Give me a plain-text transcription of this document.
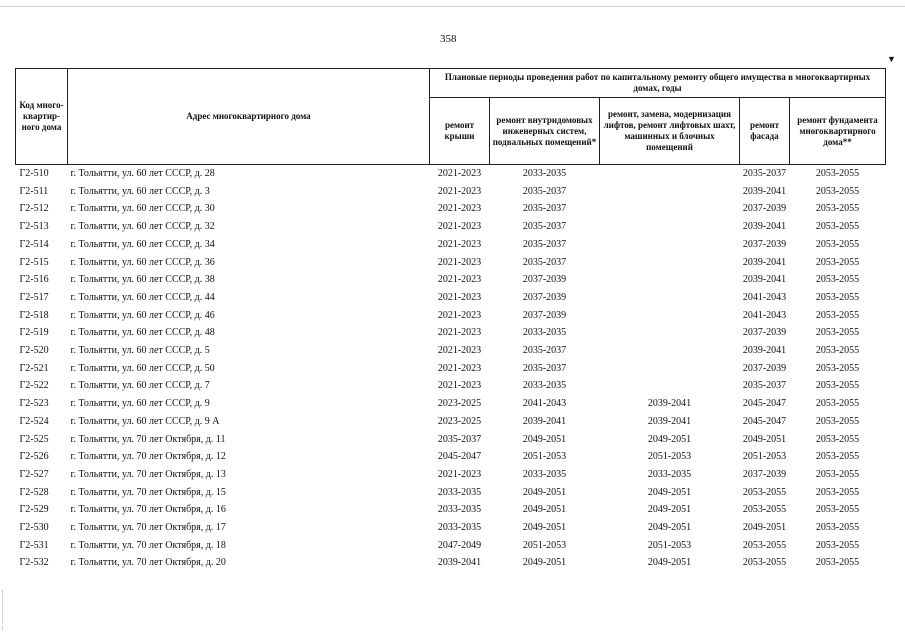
358
▼
Код много-квартир-ного дома	Адрес многоквартирного дома	Плановые периоды проведения работ по капитальному ремонту общего имущества в многоквартирных домах, годы				
		ремонт крыши	ремонт внутридомовых инженерных систем, подвальных помещений*	ремонт, замена, модернизация лифтов, ремонт лифтовых шахт, машинных и блочных помещений	ремонт фасада	ремонт фундамента многоквартирного дома**
Г2-510	г. Тольятти, ул. 60 лет СССР, д. 28	2021-2023	2033-2035		2035-2037	2053-2055
Г2-511	г. Тольятти, ул. 60 лет СССР, д. 3	2021-2023	2035-2037		2039-2041	2053-2055
Г2-512	г. Тольятти, ул. 60 лет СССР, д. 30	2021-2023	2035-2037		2037-2039	2053-2055
Г2-513	г. Тольятти, ул. 60 лет СССР, д. 32	2021-2023	2035-2037		2039-2041	2053-2055
Г2-514	г. Тольятти, ул. 60 лет СССР, д. 34	2021-2023	2035-2037		2037-2039	2053-2055
Г2-515	г. Тольятти, ул. 60 лет СССР, д. 36	2021-2023	2035-2037		2039-2041	2053-2055
Г2-516	г. Тольятти, ул. 60 лет СССР, д. 38	2021-2023	2037-2039		2039-2041	2053-2055
Г2-517	г. Тольятти, ул. 60 лет СССР, д. 44	2021-2023	2037-2039		2041-2043	2053-2055
Г2-518	г. Тольятти, ул. 60 лет СССР, д. 46	2021-2023	2037-2039		2041-2043	2053-2055
Г2-519	г. Тольятти, ул. 60 лет СССР, д. 48	2021-2023	2033-2035		2037-2039	2053-2055
Г2-520	г. Тольятти, ул. 60 лет СССР, д. 5	2021-2023	2035-2037		2039-2041	2053-2055
Г2-521	г. Тольятти, ул. 60 лет СССР, д. 50	2021-2023	2035-2037		2037-2039	2053-2055
Г2-522	г. Тольятти, ул. 60 лет СССР, д. 7	2021-2023	2033-2035		2035-2037	2053-2055
Г2-523	г. Тольятти, ул. 60 лет СССР, д. 9	2023-2025	2041-2043	2039-2041	2045-2047	2053-2055
Г2-524	г. Тольятти, ул. 60 лет СССР, д. 9 А	2023-2025	2039-2041	2039-2041	2045-2047	2053-2055
Г2-525	г. Тольятти, ул. 70 лет Октября, д. 11	2035-2037	2049-2051	2049-2051	2049-2051	2053-2055
Г2-526	г. Тольятти, ул. 70 лет Октября, д. 12	2045-2047	2051-2053	2051-2053	2051-2053	2053-2055
Г2-527	г. Тольятти, ул. 70 лет Октября, д. 13	2021-2023	2033-2035	2033-2035	2037-2039	2053-2055
Г2-528	г. Тольятти, ул. 70 лет Октября, д. 15	2033-2035	2049-2051	2049-2051	2053-2055	2053-2055
Г2-529	г. Тольятти, ул. 70 лет Октября, д. 16	2033-2035	2049-2051	2049-2051	2053-2055	2053-2055
Г2-530	г. Тольятти, ул. 70 лет Октября, д. 17	2033-2035	2049-2051	2049-2051	2049-2051	2053-2055
Г2-531	г. Тольятти, ул. 70 лет Октября, д. 18	2047-2049	2051-2053	2051-2053	2053-2055	2053-2055
Г2-532	г. Тольятти, ул. 70 лет Октября, д. 20	2039-2041	2049-2051	2049-2051	2053-2055	2053-2055
